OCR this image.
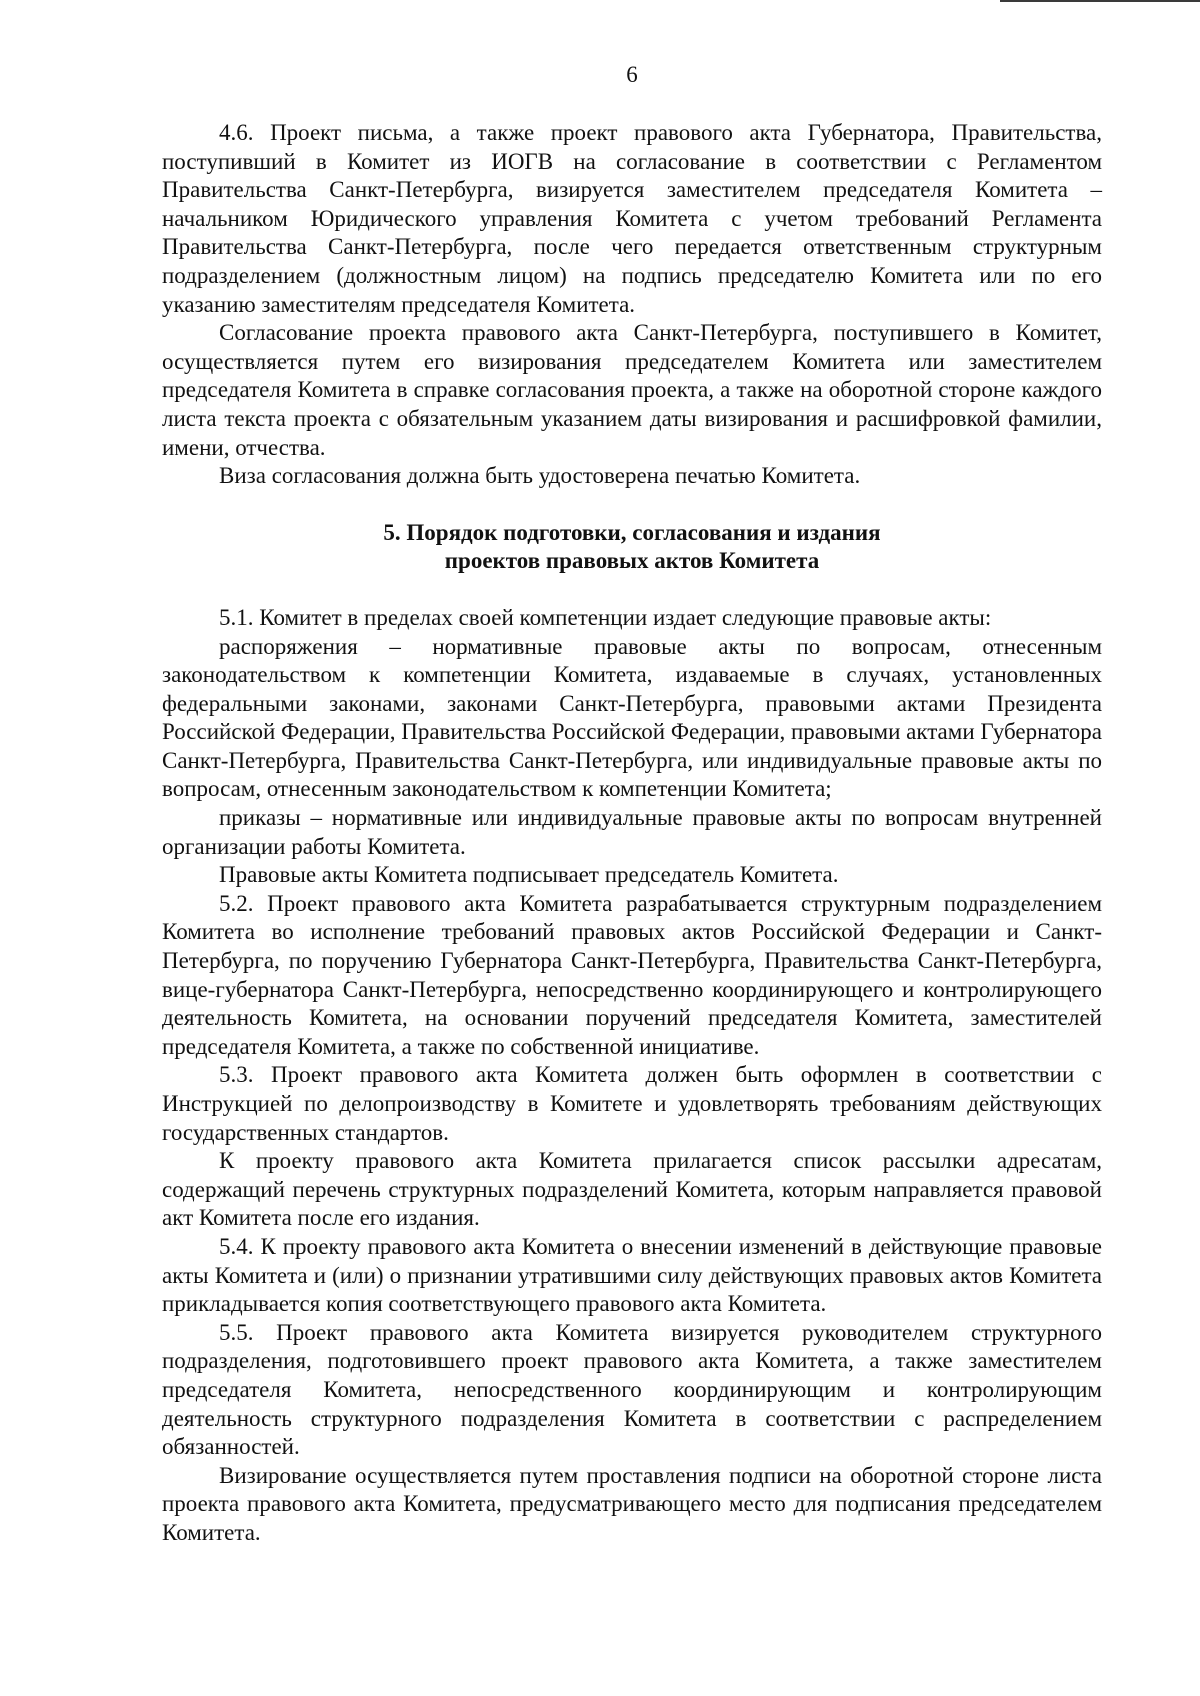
6

4.6. Проект письма, а также проект правового акта Губернатора, Правительства, поступивший в Комитет из ИОГВ на согласование в соответствии с Регламентом Правительства Санкт-Петербурга, визируется заместителем председателя Комитета – начальником Юридического управления Комитета с учетом требований Регламента Правительства Санкт-Петербурга, после чего передается ответственным структурным подразделением (должностным лицом) на подпись председателю Комитета или по его указанию заместителям председателя Комитета.

Согласование проекта правового акта Санкт-Петербурга, поступившего в Комитет, осуществляется путем его визирования председателем Комитета или заместителем председателя Комитета в справке согласования проекта, а также на оборотной стороне каждого листа текста проекта с обязательным указанием даты визирования и расшифровкой фамилии, имени, отчества.

Виза согласования должна быть удостоверена печатью Комитета.

5. Порядок подготовки, согласования и издания
проектов правовых актов Комитета

5.1. Комитет в пределах своей компетенции издает следующие правовые акты:

распоряжения – нормативные правовые акты по вопросам, отнесенным законодательством к компетенции Комитета, издаваемые в случаях, установленных федеральными законами, законами Санкт-Петербурга, правовыми актами Президента Российской Федерации, Правительства Российской Федерации, правовыми актами Губернатора Санкт-Петербурга, Правительства Санкт-Петербурга, или индивидуальные правовые акты по вопросам, отнесенным законодательством к компетенции Комитета;

приказы – нормативные или индивидуальные правовые акты по вопросам внутренней организации работы Комитета.

Правовые акты Комитета подписывает председатель Комитета.

5.2. Проект правового акта Комитета разрабатывается структурным подразделением Комитета во исполнение требований правовых актов Российской Федерации и Санкт-Петербурга, по поручению Губернатора Санкт-Петербурга, Правительства Санкт-Петербурга, вице-губернатора Санкт-Петербурга, непосредственно координирующего и контролирующего деятельность Комитета, на основании поручений председателя Комитета, заместителей председателя Комитета, а также по собственной инициативе.

5.3. Проект правового акта Комитета должен быть оформлен в соответствии с Инструкцией по делопроизводству в Комитете и удовлетворять требованиям действующих государственных стандартов.

К проекту правового акта Комитета прилагается список рассылки адресатам, содержащий перечень структурных подразделений Комитета, которым направляется правовой акт Комитета после его издания.

5.4. К проекту правового акта Комитета о внесении изменений в действующие правовые акты Комитета и (или) о признании утратившими силу действующих правовых актов Комитета прикладывается копия соответствующего правового акта Комитета.

5.5. Проект правового акта Комитета визируется руководителем структурного подразделения, подготовившего проект правового акта Комитета, а также заместителем председателя Комитета, непосредственного координирующим и контролирующим деятельность структурного подразделения Комитета в соответствии с распределением обязанностей.

Визирование осуществляется путем проставления подписи на оборотной стороне листа проекта правового акта Комитета, предусматривающего место для подписания председателем Комитета.
